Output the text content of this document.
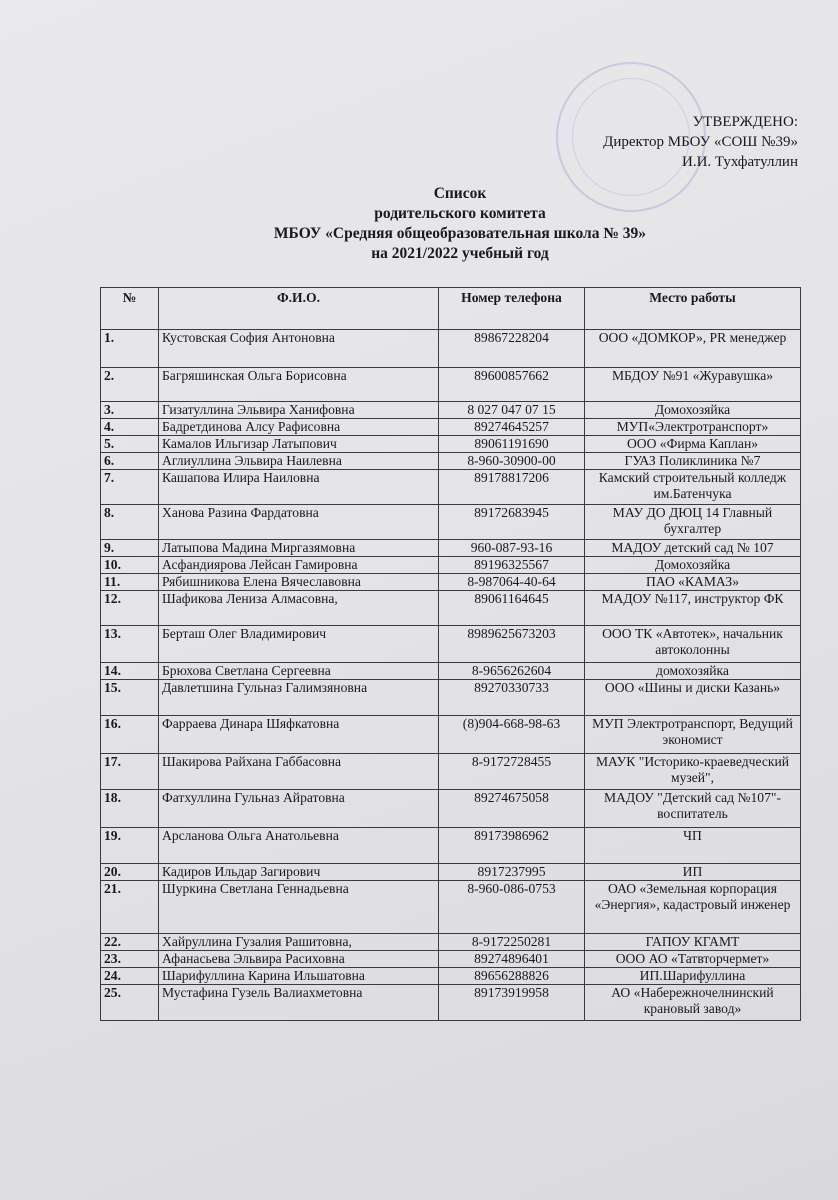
УТВЕРЖДЕНО:
Директор МБОУ «СОШ №39»
И.И. Тухфатуллин
Список
родительского комитета
МБОУ «Средняя общеобразовательная школа № 39»
на 2021/2022 учебный год
№	Ф.И.О.	Номер телефона	Место работы
1.	Кустовская София Антоновна	89867228204	ООО «ДОМКОР», PR менеджер
2.	Багряшинская Ольга Борисовна	89600857662	МБДОУ №91 «Журавушка»
3.	Гизатуллина Эльвира Ханифовна	8 027 047 07 15	Домохозяйка
4.	Бадретдинова Алсу Рафисовна	89274645257	МУП«Электротранспорт»
5.	Камалов Ильгизар Латыпович	89061191690	ООО «Фирма Каплан»
6.	Аглиуллина Эльвира Наилевна	8-960-30900-00	ГУАЗ Поликлиника №7
7.	Кашапова Илира Наиловна	89178817206	Камский строительный колледж им.Батенчука
8.	Ханова Разина Фардатовна	89172683945	МАУ ДО ДЮЦ 14 Главный бухгалтер
9.	Латыпова Мадина Миргазямовна	960-087-93-16	МАДОУ детский сад № 107
10.	Асфандиярова Лейсан Гамировна	89196325567	Домохозяйка
11.	Рябишникова Елена Вячеславовна	8-987064-40-64	ПАО «КАМАЗ»
12.	Шафикова Лениза Алмасовна,	89061164645	МАДОУ №117, инструктор ФК
13.	Берташ Олег Владимирович	8989625673203	ООО ТК «Автотек», начальник автоколонны
14.	Брюхова Светлана Сергеевна	8-9656262604	домохозяйка
15.	Давлетшина Гульназ Галимзяновна	89270330733	ООО «Шины и диски Казань»
16.	Фарраева Динара Шяфкатовна	(8)904-668-98-63	МУП Электротранспорт, Ведущий экономист
17.	Шакирова Райхана Габбасовна	8-9172728455	МАУК "Историко-краеведческий музей",
18.	Фатхуллина Гульназ Айратовна	89274675058	МАДОУ "Детский сад №107"-воспитатель
19.	Арсланова Ольга Анатольевна	89173986962	ЧП
20.	Кадиров Ильдар Загирович	8917237995	ИП
21.	Шуркина Светлана Геннадьевна	8-960-086-0753	ОАО «Земельная корпорация «Энергия», кадастровый инженер
22.	Хайруллина Гузалия Рашитовна,	8-9172250281	ГАПОУ КГАМТ
23.	Афанасьева Эльвира Расиховна	89274896401	ООО АО «Татвторчермет»
24.	Шарифуллина Карина Ильшатовна	89656288826	ИП.Шарифуллина
25.	Мустафина Гузель Валиахметовна	89173919958	АО «Набережночелнинский крановый завод»
